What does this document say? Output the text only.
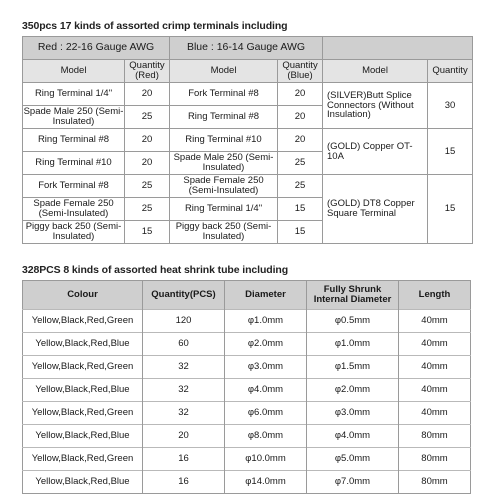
350pcs 17 kinds of assorted crimp terminals including
Red : 22-16 Gauge AWG		Blue : 16-14 Gauge AWG			
Model	Quantity (Red)	Model	Quantity (Blue)	Model	Quantity
Ring Terminal 1/4"	20	Fork Terminal #8	20	(SILVER)Butt Splice Connectors (Without Insulation)	30
Spade Male 250 (Semi-Insulated)	25	Ring Terminal #8	20		
Ring Terminal #8	20	Ring Terminal #10	20	(GOLD) Copper OT-10A	15
Ring Terminal #10	20	Spade Male 250 (Semi-Insulated)	25		
Fork Terminal #8	25	Spade Female 250 (Semi-Insulated)	25	(GOLD) DT8 Copper Square Terminal	15
Spade Female 250 (Semi-Insulated)	25	Ring Terminal 1/4"	15		
Piggy back 250 (Semi-Insulated)	15	Piggy back 250 (Semi-Insulated)	15		
328PCS 8 kinds of assorted heat shrink tube including
Colour	Quantity(PCS)	Diameter	Fully Shrunk Internal Diameter	Length
Yellow,Black,Red,Green	120	φ1.0mm	φ0.5mm	40mm
Yellow,Black,Red,Blue	60	φ2.0mm	φ1.0mm	40mm
Yellow,Black,Red,Green	32	φ3.0mm	φ1.5mm	40mm
Yellow,Black,Red,Blue	32	φ4.0mm	φ2.0mm	40mm
Yellow,Black,Red,Green	32	φ6.0mm	φ3.0mm	40mm
Yellow,Black,Red,Blue	20	φ8.0mm	φ4.0mm	80mm
Yellow,Black,Red,Green	16	φ10.0mm	φ5.0mm	80mm
Yellow,Black,Red,Blue	16	φ14.0mm	φ7.0mm	80mm
